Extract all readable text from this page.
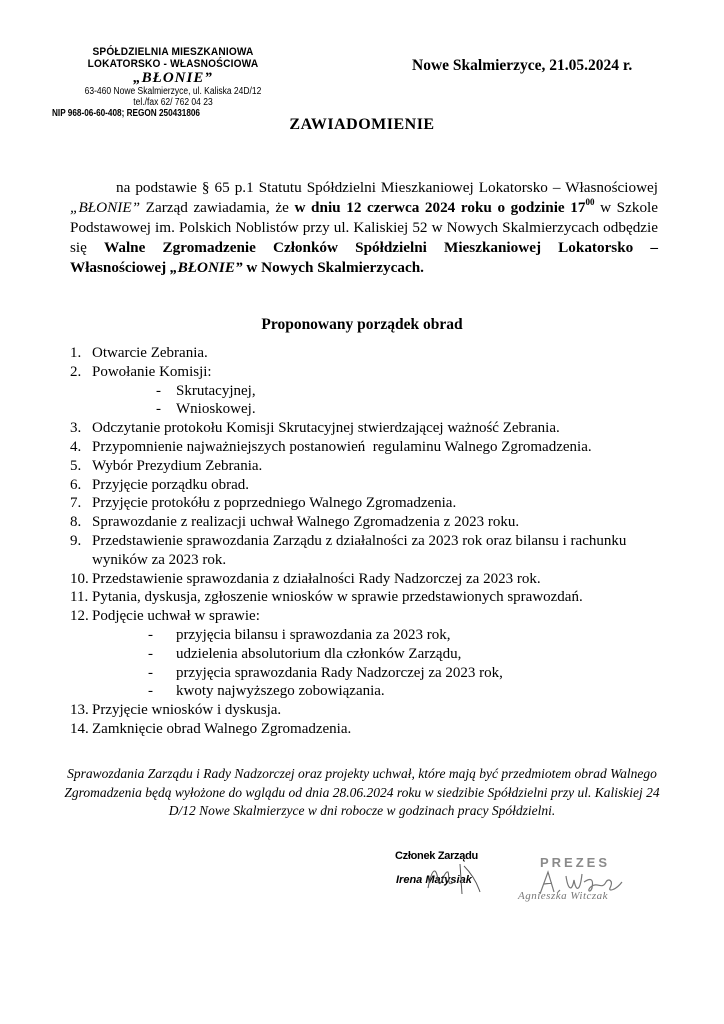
SPÓŁDZIELNIA MIESZKANIOWA
LOKATORSKO - WŁASNOŚCIOWA
„BŁONIE”
63-460 Nowe Skalmierzyce, ul. Kaliska 24D/12
tel./fax 62/ 762 04 23
NIP 968-06-60-408; REGON 250431806
Nowe Skalmierzyce, 21.05.2024 r.
ZAWIADOMIENIE
na podstawie § 65 p.1 Statutu Spółdzielni Mieszkaniowej Lokatorsko – Własnościowej „BŁONIE” Zarząd zawiadamia, że w dniu 12 czerwca 2024 roku o godzinie $17^{00}$ w Szkole Podstawowej im. Polskich Noblistów przy ul. Kaliskiej 52 w Nowych Skalmierzycach odbędzie się Walne Zgromadzenie Członków Spółdzielni Mieszkaniowej Lokatorsko – Własnościowej „BŁONIE” w Nowych Skalmierzycach.
Proponowany porządek obrad
1. Otwarcie Zebrania.
2. Powołanie Komisji:
- Skrutacyjnej,
- Wnioskowej.
3. Odczytanie protokołu Komisji Skrutacyjnej stwierdzającej ważność Zebrania.
4. Przypomnienie najważniejszych postanowień  regulaminu Walnego Zgromadzenia.
5. Wybór Prezydium Zebrania.
6. Przyjęcie porządku obrad.
7. Przyjęcie protokółu z poprzedniego Walnego Zgromadzenia.
8. Sprawozdanie z realizacji uchwał Walnego Zgromadzenia z 2023 roku.
9. Przedstawienie sprawozdania Zarządu z działalności za 2023 rok oraz bilansu i rachunku wyników za 2023 rok.
10. Przedstawienie sprawozdania z działalności Rady Nadzorczej za 2023 rok.
11. Pytania, dyskusja, zgłoszenie wniosków w sprawie przedstawionych sprawozdań.
12. Podjęcie uchwał w sprawie:
- przyjęcia bilansu i sprawozdania za 2023 rok,
- udzielenia absolutorium dla członków Zarządu,
- przyjęcia sprawozdania Rady Nadzorczej za 2023 rok,
- kwoty najwyższego zobowiązania.
13. Przyjęcie wniosków i dyskusja.
14. Zamknięcie obrad Walnego Zgromadzenia.
Sprawozdania Zarządu i Rady Nadzorczej oraz projekty uchwał, które mają być przedmiotem obrad Walnego Zgromadzenia będą wyłożone do wglądu od dnia 28.06.2024 roku w siedzibie Spółdzielni przy ul. Kaliskiej 24 D/12 Nowe Skalmierzyce w dni robocze w godzinach pracy Spółdzielni.
Członek Zarządu
Irena Matysiak
PREZES
Agnieszka Witczak
